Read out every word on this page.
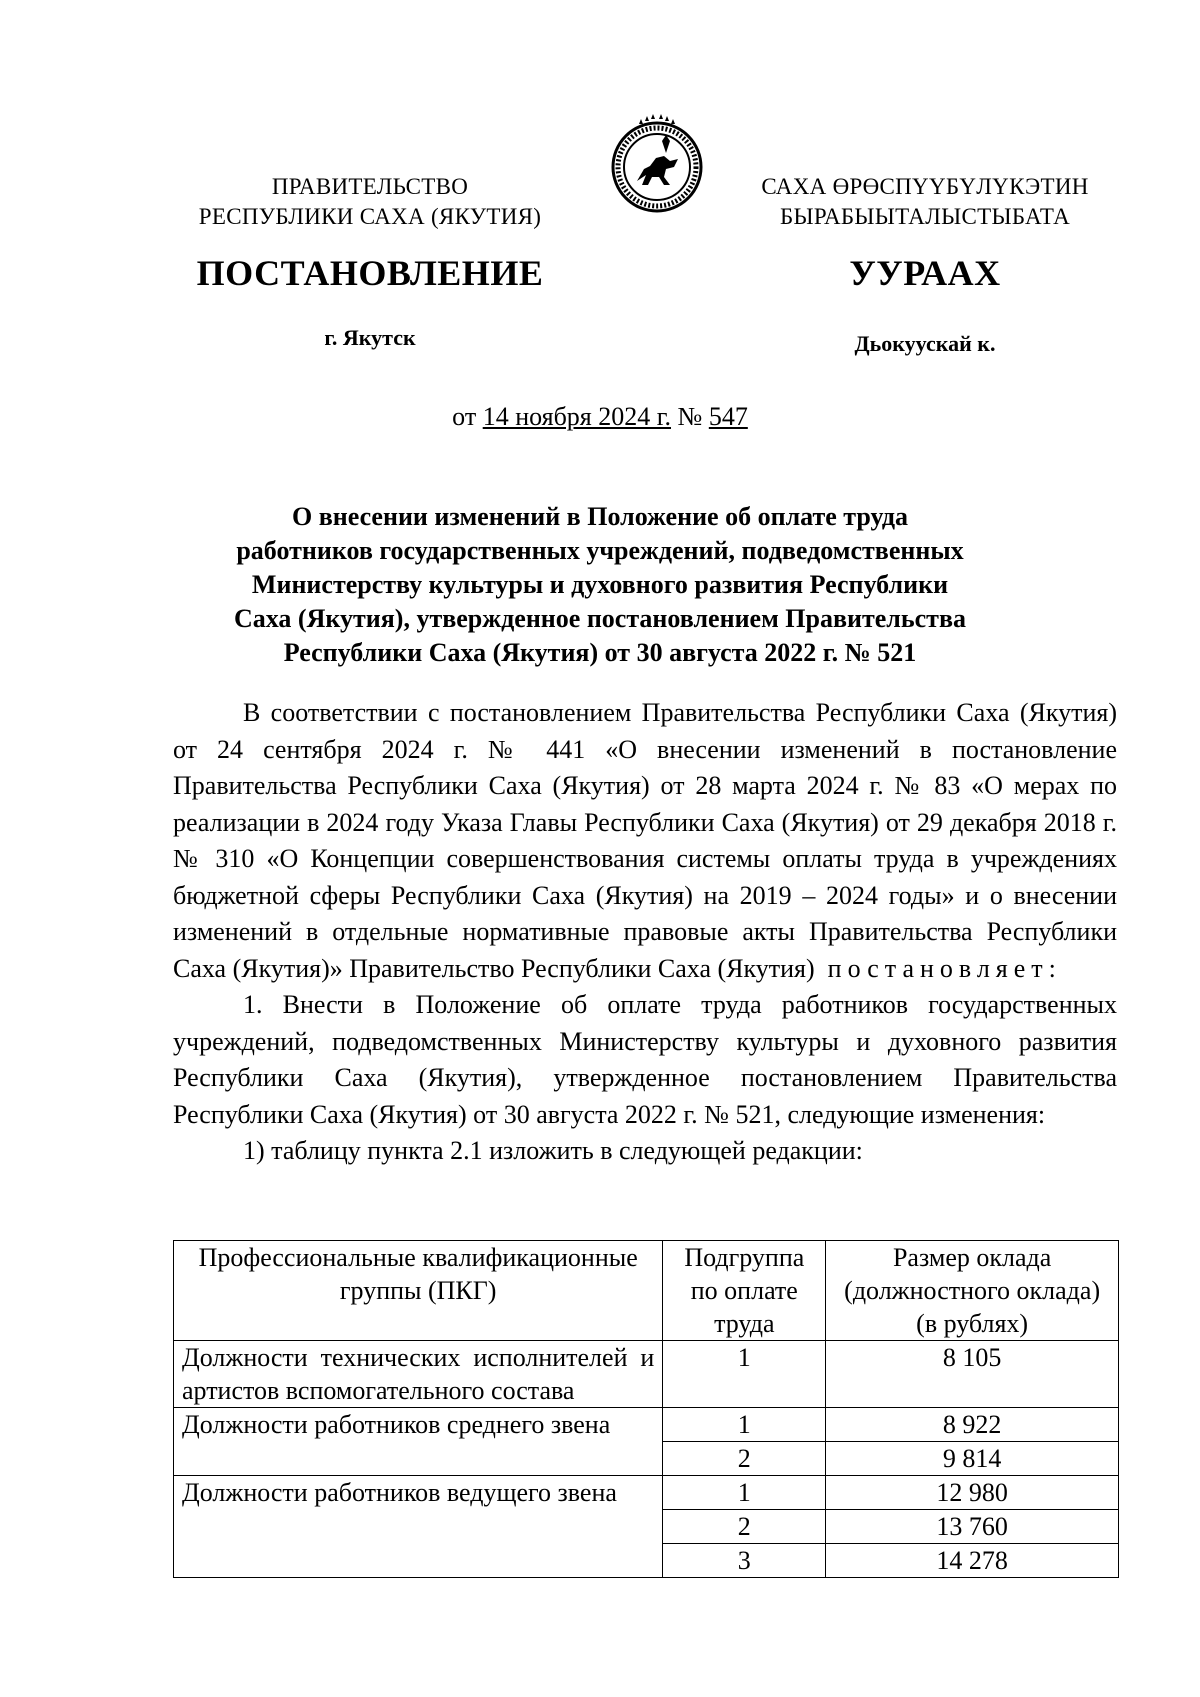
ПРАВИТЕЛЬСТВО
РЕСПУБЛИКИ САХА (ЯКУТИЯ)
САХА ӨРӨСПҮҮБҮЛҮКЭТИН
БЫРАБЫЫТАЛЫСТЫБАТА
ПОСТАНОВЛЕНИЕ	УУРААХ
г. Якутск	Дьокуускай к.
от 14 ноября 2024 г. № 547
О внесении изменений в Положение об оплате труда
работников государственных учреждений, подведомственных
Министерству культуры и духовного развития Республики
Саха (Якутия), утвержденное постановлением Правительства
Республики Саха (Якутия) от 30 августа 2022 г. № 521

В соответствии с постановлением Правительства Республики Саха (Якутия) от 24 сентября 2024 г. № 441 «О внесении изменений в постановление Правительства Республики Саха (Якутия) от 28 марта 2024 г. № 83 «О мерах по реализации в 2024 году Указа Главы Республики Саха (Якутия) от 29 декабря 2018 г. № 310 «О Концепции совершенствования системы оплаты труда в учреждениях бюджетной сферы Республики Саха (Якутия) на 2019 – 2024 годы» и о внесении изменений в отдельные нормативные правовые акты Правительства Республики Саха (Якутия)» Правительство Республики Саха (Якутия) постановляет:

1. Внести в Положение об оплате труда работников государственных учреждений, подведомственных Министерству культуры и духовного развития Республики Саха (Якутия), утвержденное постановлением Правительства Республики Саха (Якутия) от 30 августа 2022 г. № 521, следующие изменения:

1) таблицу пункта 2.1 изложить в следующей редакции:

Профессиональные квалификационные группы (ПКГ)	Подгруппа по оплате труда	Размер оклада (должностного оклада) (в рублях)
Должности технических исполнителей и артистов вспомогательного состава	1	8 105
Должности работников среднего звена	1	8 922
	2	9 814
Должности работников ведущего звена	1	12 980
	2	13 760
	3	14 278
